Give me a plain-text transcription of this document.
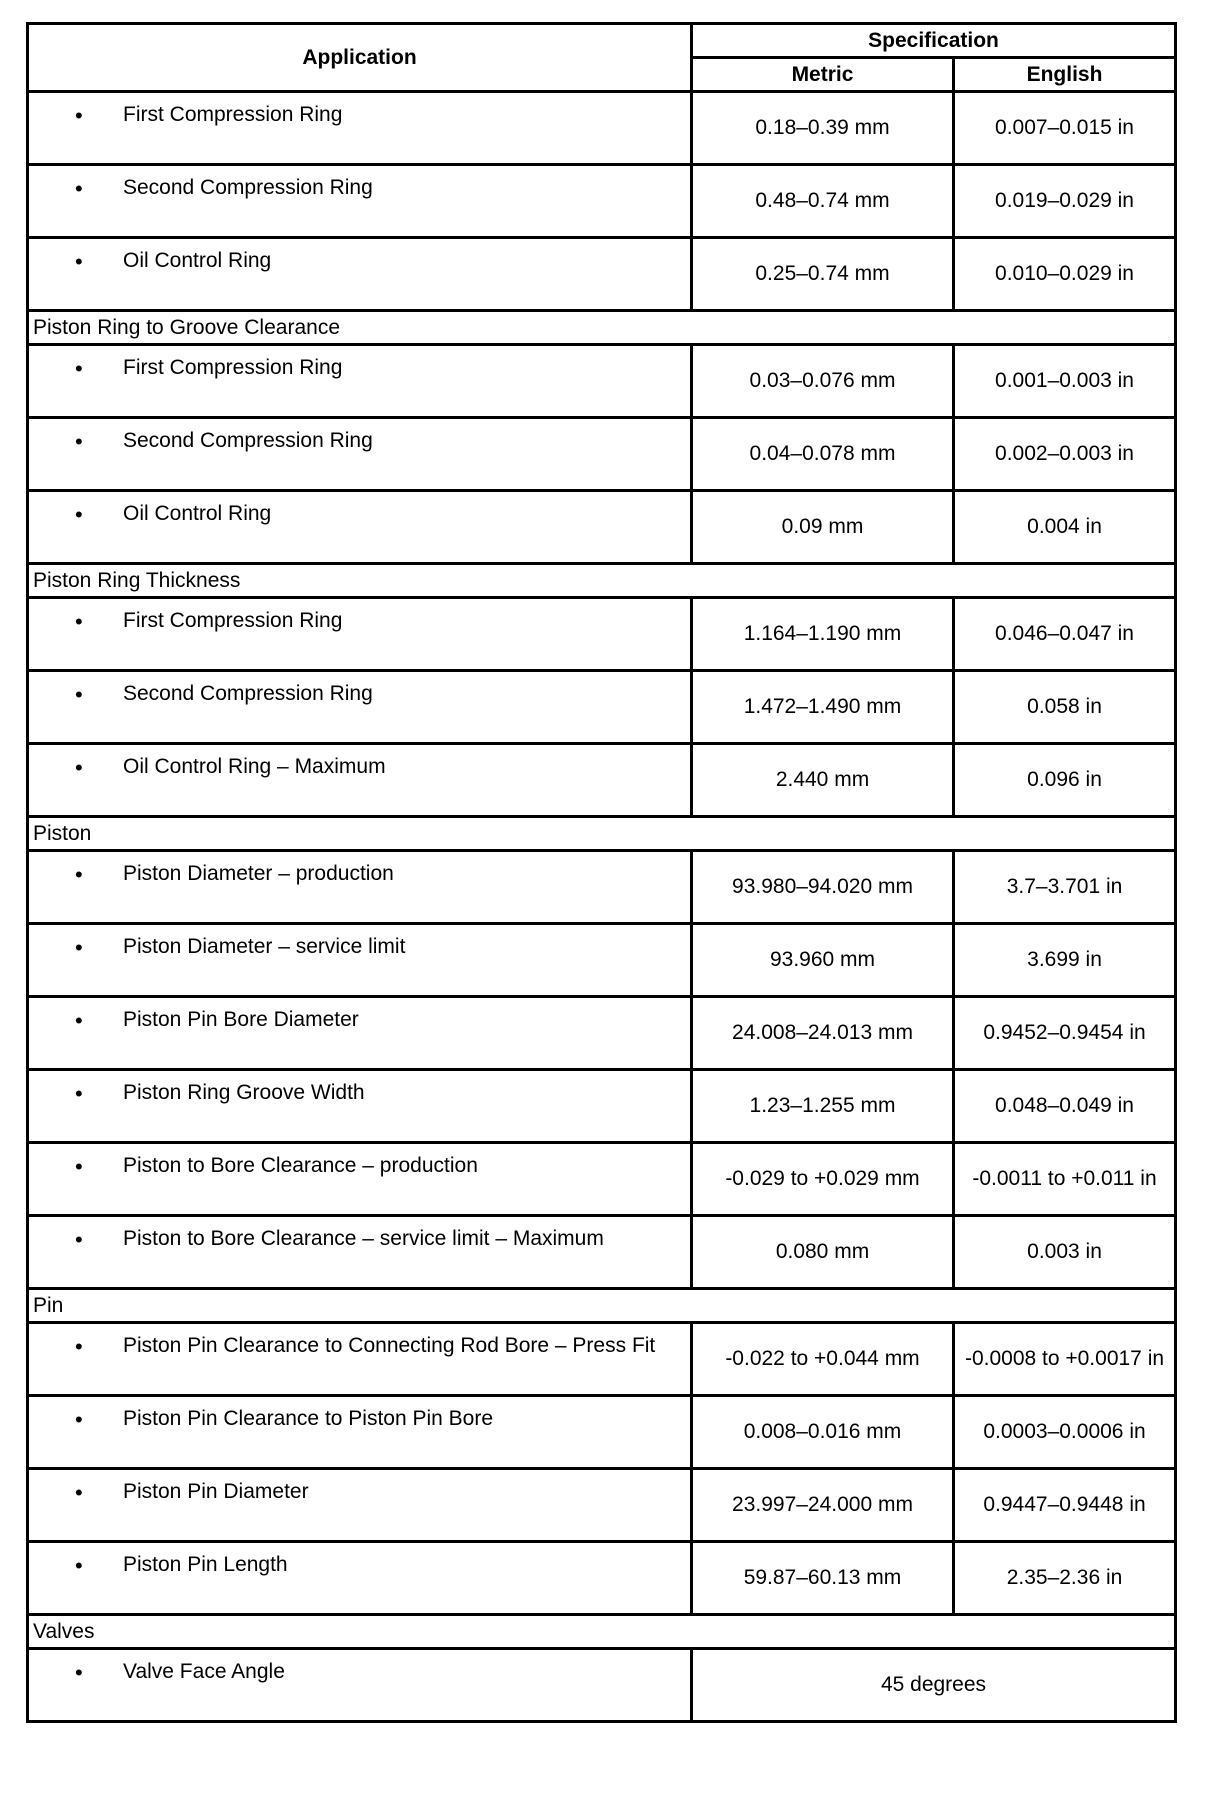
Application	Specification	
	Metric	English

• First Compression Ring	0.18–0.39 mm	0.007–0.015 in

• Second Compression Ring	0.48–0.74 mm	0.019–0.029 in

• Oil Control Ring	0.25–0.74 mm	0.010–0.029 in
Piston Ring to Groove Clearance		

• First Compression Ring	0.03–0.076 mm	0.001–0.003 in

• Second Compression Ring	0.04–0.078 mm	0.002–0.003 in

• Oil Control Ring	0.09 mm	0.004 in
Piston Ring Thickness		

• First Compression Ring	1.164–1.190 mm	0.046–0.047 in

• Second Compression Ring	1.472–1.490 mm	0.058 in

• Oil Control Ring – Maximum	2.440 mm	0.096 in
Piston		

• Piston Diameter – production	93.980–94.020 mm	3.7–3.701 in

• Piston Diameter – service limit	93.960 mm	3.699 in

• Piston Pin Bore Diameter	24.008–24.013 mm	0.9452–0.9454 in

• Piston Ring Groove Width	1.23–1.255 mm	0.048–0.049 in

• Piston to Bore Clearance – production	-0.029 to +0.029 mm	-0.0011 to +0.011 in

• Piston to Bore Clearance – service limit – Maximum	0.080 mm	0.003 in
Pin		

• Piston Pin Clearance to Connecting Rod Bore – Press Fit	-0.022 to +0.044 mm	-0.0008 to +0.0017 in

• Piston Pin Clearance to Piston Pin Bore	0.008–0.016 mm	0.0003–0.0006 in

• Piston Pin Diameter	23.997–24.000 mm	0.9447–0.9448 in

• Piston Pin Length	59.87–60.13 mm	2.35–2.36 in
Valves		

• Valve Face Angle	45 degrees	
